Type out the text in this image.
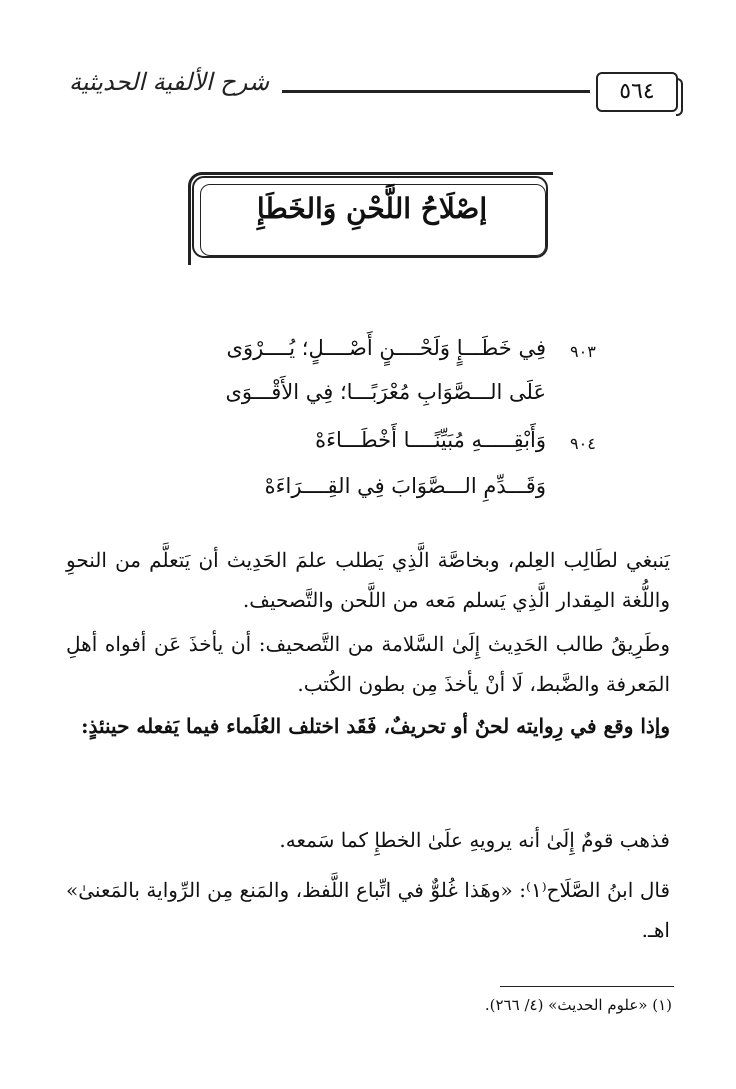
٥٦٤
شرح الألفية الحديثية
إصْلَاحُ اللَّحْنِ وَالخَطَإِ
٩٠٣
فِي خَطَـــإٍ وَلَحْــــنٍ أَصْــــلٍ؛ يُــــرْوَى
عَلَى الـــصَّوَابِ مُعْرَبًـــا؛ فِي الأَقْـــوَى
٩٠٤
وَأَبْقِـــــهِ مُبَيِّنًــــا أَخْطَـــاءَهْ
وَقَـــدِّمِ الـــصَّوَابَ فِي القِــــرَاءَهْ
يَنبغي لطَالِب العِلم، وبخاصَّة الَّذِي يَطلب علمَ الحَدِيث أن يَتعلَّم من النحوِ واللُّغة المِقدار الَّذِي يَسلم مَعه من اللَّحن والتَّصحيف.
وطَرِيقُ طالب الحَدِيث إِلَىٰ السَّلامة من التَّصحيف: أن يأخذَ عَن أفواه أهلِ المَعرفة والضَّبط، لَا أنْ يأخذَ مِن بطون الكُتب.
وإذا وقع في رِوايته لحنٌ أو تحريفٌ، فَقَد اختلف العُلَماء فيما يَفعله حينئذٍ:
فذهب قومٌ إِلَىٰ أنه يرويهِ علَىٰ الخطإِ كما سَمعه.
قال ابنُ الصَّلَاح⁽١⁾: «وهَذا غُلوٌّ في اتِّباع اللَّفظ، والمَنع مِن الرِّواية بالمَعنىٰ» اهـ.
(١) «علوم الحديث» (٤/ ٢٦٦).
